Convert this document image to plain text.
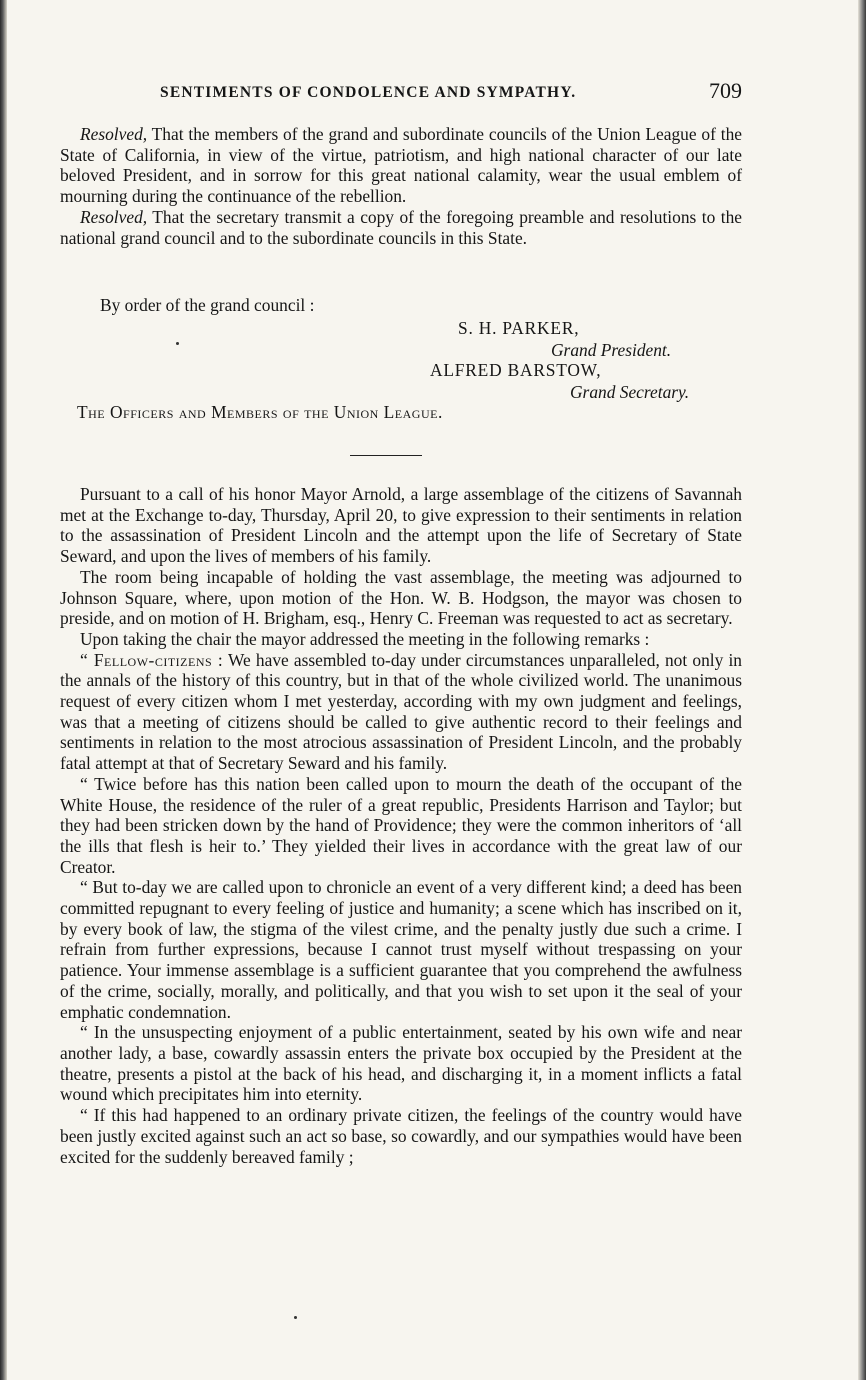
SENTIMENTS OF CONDOLENCE AND SYMPATHY.	709

Resolved, That the members of the grand and subordinate councils of the Union League of the State of California, in view of the virtue, patriotism, and high national character of our late beloved President, and in sorrow for this great national calamity, wear the usual emblem of mourning during the continuance of the rebellion.

Resolved, That the secretary transmit a copy of the foregoing preamble and resolutions to the national grand council and to the subordinate councils in this State.

By order of the grand council :

S. H. PARKER,
Grand President.
ALFRED BARSTOW,
Grand Secretary.
The Officers and Members of the Union League.

Pursuant to a call of his honor Mayor Arnold, a large assemblage of the citizens of Savannah met at the Exchange to-day, Thursday, April 20, to give expression to their sentiments in relation to the assassination of President Lincoln and the attempt upon the life of Secretary of State Seward, and upon the lives of members of his family.

The room being incapable of holding the vast assemblage, the meeting was adjourned to Johnson Square, where, upon motion of the Hon. W. B. Hodgson, the mayor was chosen to preside, and on motion of H. Brigham, esq., Henry C. Freeman was requested to act as secretary.

Upon taking the chair the mayor addressed the meeting in the following remarks :

“ Fellow-citizens : We have assembled to-day under circumstances unparalleled, not only in the annals of the history of this country, but in that of the whole civilized world. The unanimous request of every citizen whom I met yesterday, according with my own judgment and feelings, was that a meeting of citizens should be called to give authentic record to their feelings and sentiments in relation to the most atrocious assassination of President Lincoln, and the probably fatal attempt at that of Secretary Seward and his family.

“ Twice before has this nation been called upon to mourn the death of the occupant of the White House, the residence of the ruler of a great republic, Presidents Harrison and Taylor; but they had been stricken down by the hand of Providence; they were the common inheritors of ‘all the ills that flesh is heir to.’ They yielded their lives in accordance with the great law of our Creator.

“ But to-day we are called upon to chronicle an event of a very different kind; a deed has been committed repugnant to every feeling of justice and humanity; a scene which has inscribed on it, by every book of law, the stigma of the vilest crime, and the penalty justly due such a crime. I refrain from further expressions, because I cannot trust myself without trespassing on your patience. Your immense assemblage is a sufficient guarantee that you comprehend the awfulness of the crime, socially, morally, and politically, and that you wish to set upon it the seal of your emphatic condemnation.

“ In the unsuspecting enjoyment of a public entertainment, seated by his own wife and near another lady, a base, cowardly assassin enters the private box occupied by the President at the theatre, presents a pistol at the back of his head, and discharging it, in a moment inflicts a fatal wound which precipitates him into eternity.

“ If this had happened to an ordinary private citizen, the feelings of the country would have been justly excited against such an act so base, so cowardly, and our sympathies would have been excited for the suddenly bereaved family ;
